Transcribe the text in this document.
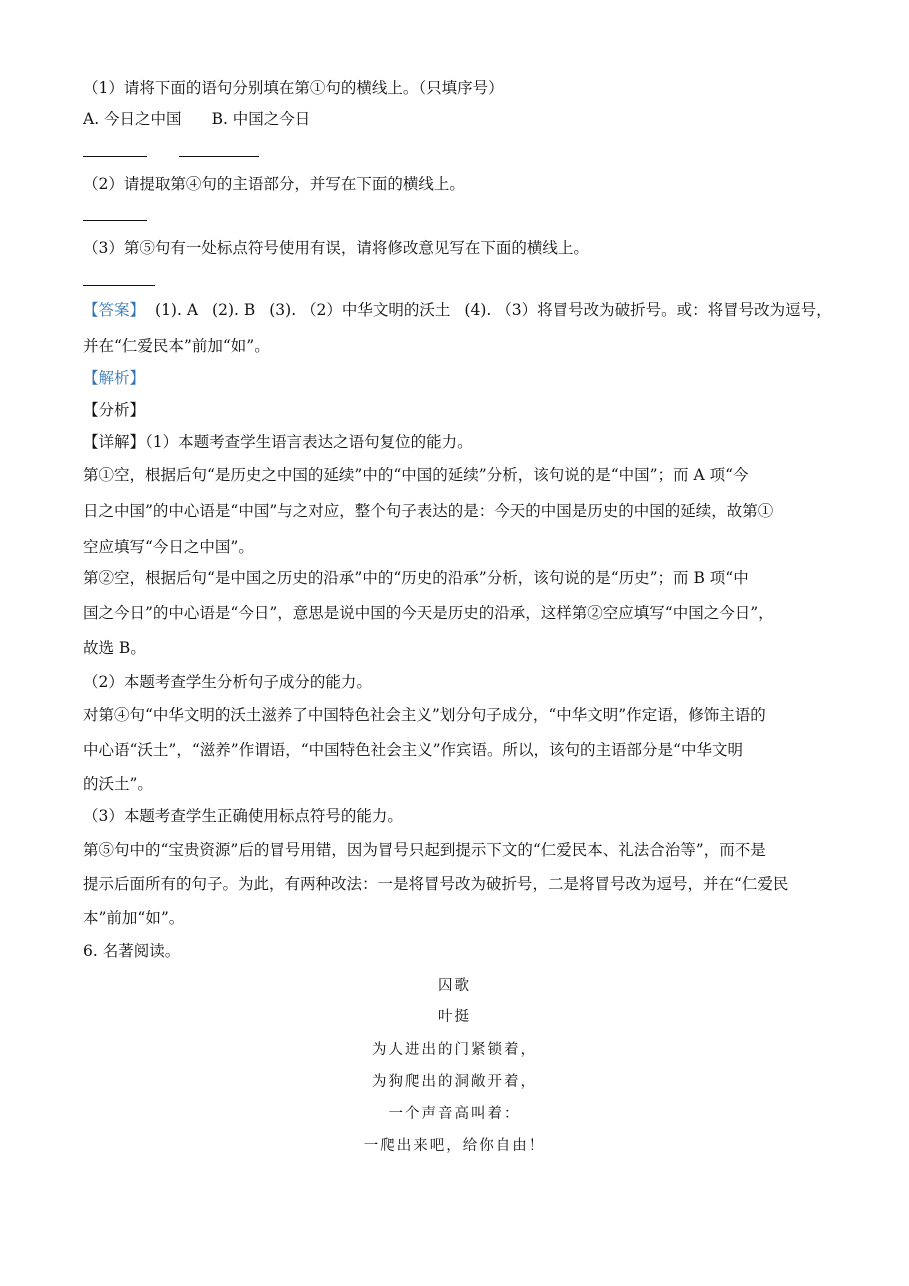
（1）请将下面的语句分别填在第①句的横线上。（只填序号）
A. 今日之中国 B. 中国之今日
（2）请提取第④句的主语部分，并写在下面的横线上。
（3）第⑤句有一处标点符号使用有误，请将修改意见写在下面的横线上。
【答案】 (1). A (2). B (3). （2）中华文明的沃土 (4). （3）将冒号改为破折号。或：将冒号改为逗号，
并在“仁爱民本”前加“如”。
【解析】
【分析】
【详解】（1）本题考查学生语言表达之语句复位的能力。
第①空，根据后句“是历史之中国的延续”中的“中国的延续”分析，该句说的是“中国”；而 A 项“今
日之中国”的中心语是“中国”与之对应，整个句子表达的是：今天的中国是历史的中国的延续，故第①
空应填写“今日之中国”。
第②空，根据后句“是中国之历史的沿承”中的“历史的沿承”分析，该句说的是“历史”；而 B 项“中
国之今日”的中心语是“今日”，意思是说中国的今天是历史的沿承，这样第②空应填写“中国之今日”，
故选 B。
（2）本题考查学生分析句子成分的能力。
对第④句“中华文明的沃土滋养了中国特色社会主义”划分句子成分，“中华文明”作定语，修饰主语的
中心语“沃土”，“滋养”作谓语，“中国特色社会主义”作宾语。所以，该句的主语部分是“中华文明
的沃土”。
（3）本题考查学生正确使用标点符号的能力。
第⑤句中的“宝贵资源”后的冒号用错，因为冒号只起到提示下文的“仁爱民本、礼法合治等”，而不是
提示后面所有的句子。为此，有两种改法：一是将冒号改为破折号，二是将冒号改为逗号，并在“仁爱民
本”前加“如”。
6. 名著阅读。
囚歌
叶挺
为人进出的门紧锁着，
为狗爬出的洞敞开着，
一个声音高叫着：
一爬出来吧，给你自由！
